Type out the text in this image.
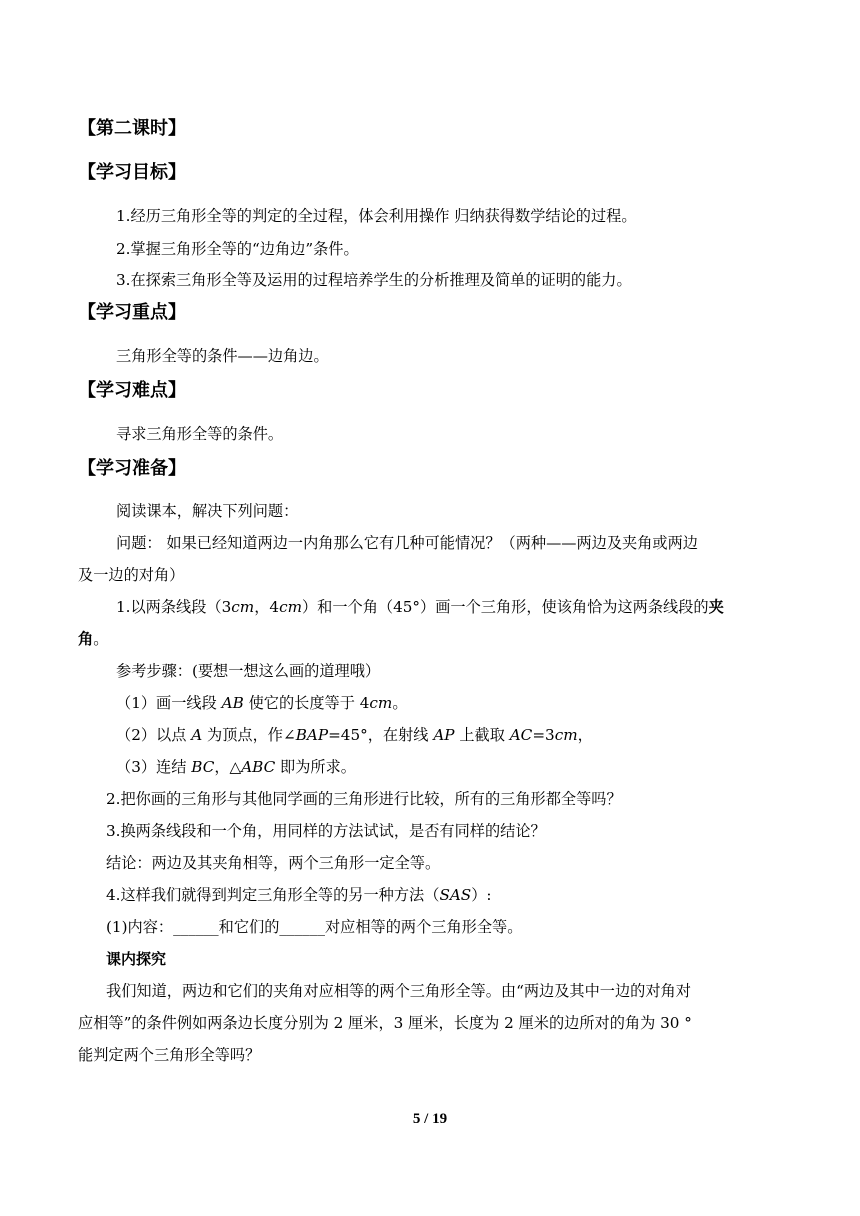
【第二课时】
【学习目标】
1.经历三角形全等的判定的全过程，体会利用操作 归纳获得数学结论的过程。
2.掌握三角形全等的“边角边”条件。
3.在探索三角形全等及运用的过程培养学生的分析推理及简单的证明的能力。
【学习重点】
三角形全等的条件——边角边。
【学习难点】
寻求三角形全等的条件。
【学习准备】
阅读课本，解决下列问题：
问题： 如果已经知道两边一内角那么它有几种可能情况？（两种——两边及夹角或两边
及一边的对角）
1.以两条线段（3cm，4cm）和一个角（45°）画一个三角形，使该角恰为这两条线段的夹
角。
参考步骤：(要想一想这么画的道理哦）
（1）画一线段 AB 使它的长度等于 4cm。
（2）以点 A 为顶点，作∠BAP=45°，在射线 AP 上截取 AC=3cm，
（3）连结 BC，△ABC 即为所求。
2.把你画的三角形与其他同学画的三角形进行比较，所有的三角形都全等吗？
3.换两条线段和一个角，用同样的方法试试，是否有同样的结论？
结论：两边及其夹角相等，两个三角形一定全等。
4.这样我们就得到判定三角形全等的另一种方法（SAS）:
(1)内容：______和它们的______对应相等的两个三角形全等。
课内探究
我们知道，两边和它们的夹角对应相等的两个三角形全等。由“两边及其中一边的对角对
应相等”的条件例如两条边长度分别为 2 厘米，3 厘米，长度为 2 厘米的边所对的角为 30 °
能判定两个三角形全等吗？
5 / 19
